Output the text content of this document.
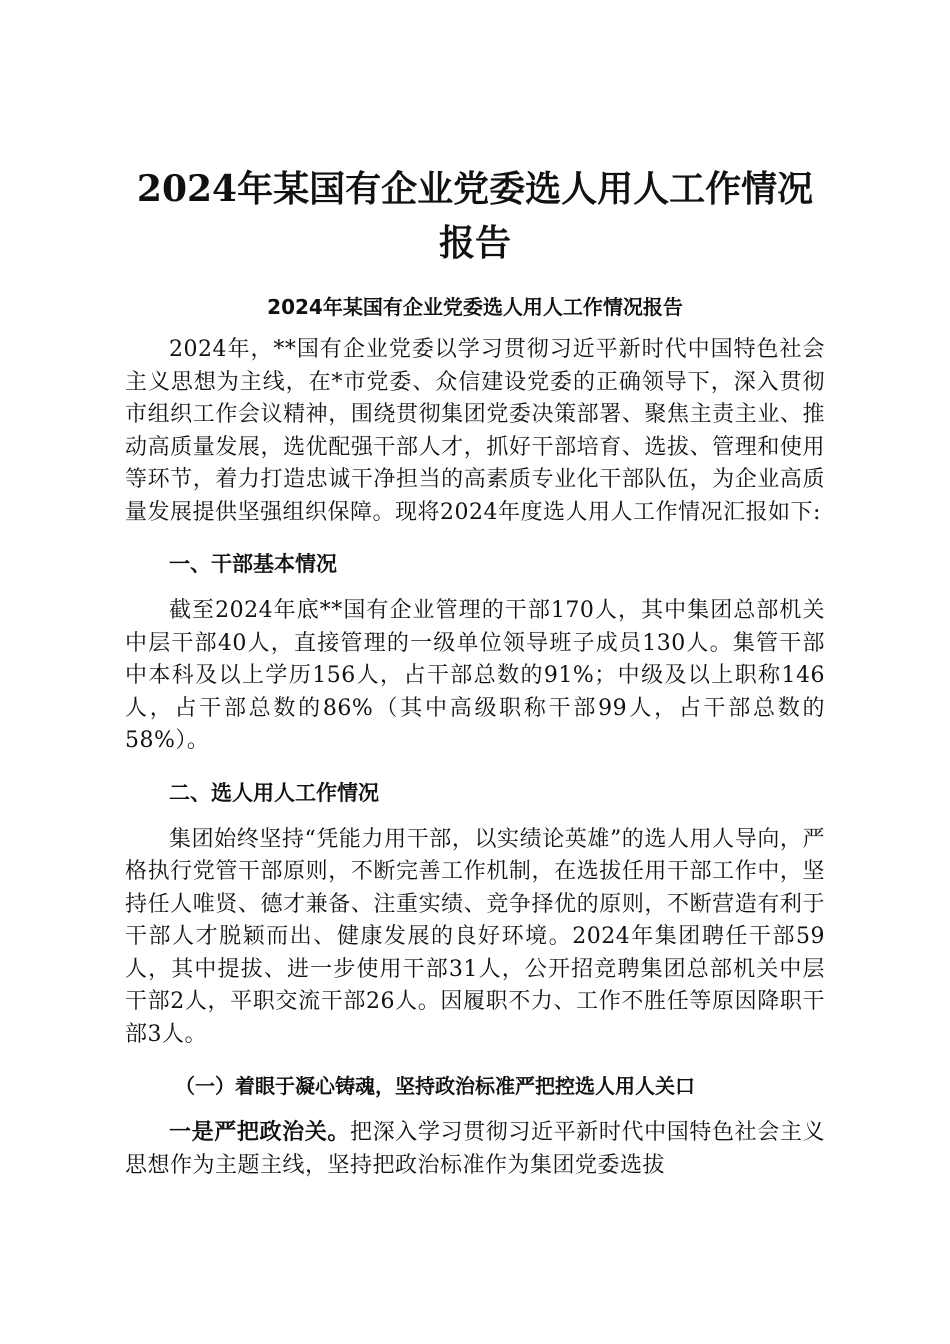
2024年某国有企业党委选人用人工作情况报告
2024年某国有企业党委选人用人工作情况报告

2024年，**国有企业党委以学习贯彻习近平新时代中国特色社会主义思想为主线，在*市党委、众信建设党委的正确领导下，深入贯彻市组织工作会议精神，围绕贯彻集团党委决策部署、聚焦主责主业、推动高质量发展，选优配强干部人才，抓好干部培育、选拔、管理和使用等环节，着力打造忠诚干净担当的高素质专业化干部队伍，为企业高质量发展提供坚强组织保障。现将2024年度选人用人工作情况汇报如下:

一、干部基本情况

截至2024年底**国有企业管理的干部170人，其中集团总部机关中层干部40人，直接管理的一级单位领导班子成员130人。集管干部中本科及以上学历156人，占干部总数的91%；中级及以上职称146人，占干部总数的86%（其中高级职称干部99人，占干部总数的58%）。

二、选人用人工作情况

集团始终坚持“凭能力用干部，以实绩论英雄”的选人用人导向，严格执行党管干部原则，不断完善工作机制，在选拔任用干部工作中，坚持任人唯贤、德才兼备、注重实绩、竞争择优的原则，不断营造有利于干部人才脱颖而出、健康发展的良好环境。2024年集团聘任干部59人，其中提拔、进一步使用干部31人，公开招竞聘集团总部机关中层干部2人，平职交流干部26人。因履职不力、工作不胜任等原因降职干部3人。

（一）着眼于凝心铸魂，坚持政治标准严把控选人用人关口

一是严把政治关。把深入学习贯彻习近平新时代中国特色社会主义思想作为主题主线，坚持把政治标准作为集团党委选拔
